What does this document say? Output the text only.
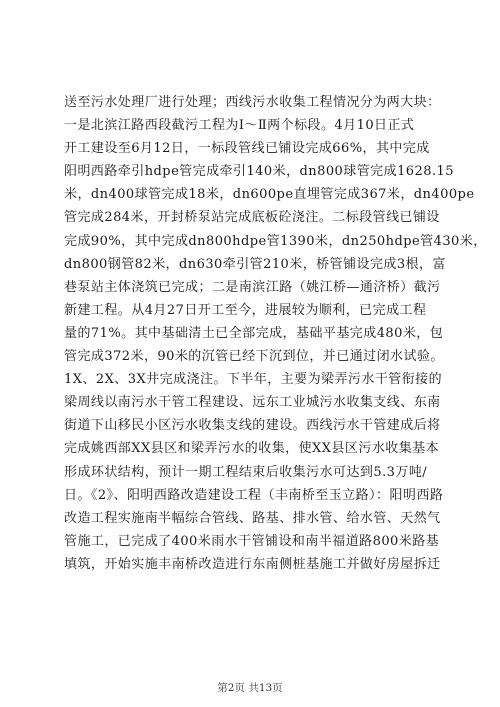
送至污水处理厂进行处理；西线污水收集工程情况分为两大块：
一是北滨江路西段截污工程为Ⅰ～Ⅱ两个标段。4月10日正式
开工建设至6月12日，一标段管线已铺设完成66%，其中完成
阳明西路牵引hdpe管完成牵引140米，dn800球管完成1628.15
米，dn400球管完成18米，dn600pe直埋管完成367米，dn400pe
管完成284米，开封桥泵站完成底板砼浇注。二标段管线已铺设
完成90%，其中完成dn800hdpe管1390米，dn250hdpe管430米，
dn800钢管82米，dn630牵引管210米，桥管铺设完成3根，富
巷泵站主体浇筑已完成；二是南滨江路（姚江桥—通济桥）截污
新建工程。从4月27日开工至今，进展较为顺利，已完成工程
量的71%。其中基础清土已全部完成，基础平基完成480米，包
管完成372米，90米的沉管已经下沉到位，并已通过闭水试验。
1X、2X、3X井完成浇注。下半年，主要为梁弄污水干管衔接的
梁周线以南污水干管工程建设、远东工业城污水收集支线、东南
街道下山移民小区污水收集支线的建设。西线污水干管建成后将
完成姚西部XX县区和梁弄污水的收集，使XX县区污水收集基本
形成环状结构，预计一期工程结束后收集污水可达到5.3万吨/
日。《2》、阳明西路改造建设工程（丰南桥至玉立路）：阳明西路
改造工程实施南半幅综合管线、路基、排水管、给水管、天然气
管施工，已完成了400米雨水干管铺设和南半福道路800米路基
填筑，开始实施丰南桥改造进行东南侧桩基施工并做好房屋拆迁
第2页 共13页
